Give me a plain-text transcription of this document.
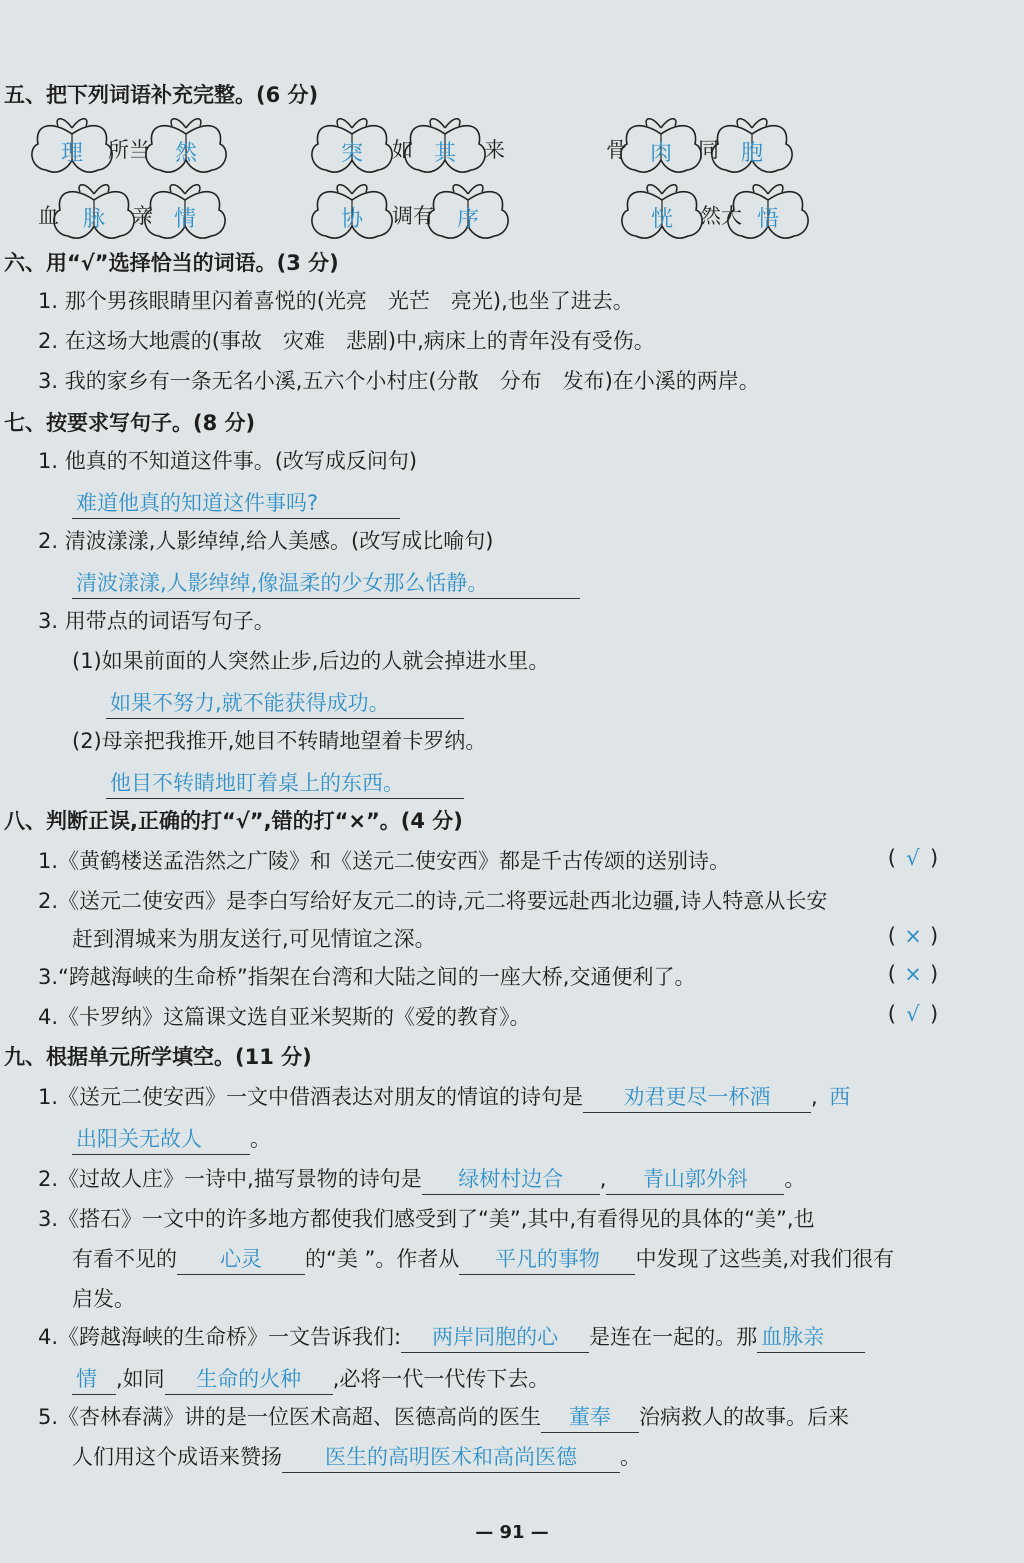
五、把下列词语补充完整。(6 分)
理	所当	然	突	如 其	来	骨	肉	同 胞
血	脉	亲 情	协	调有	序	恍	然大 悟
六、用“√”选择恰当的词语。(3 分)
1. 那个男孩眼睛里闪着喜悦的(光亮　光芒　亮光),也坐了进去。
2. 在这场大地震的(事故　灾难　悲剧)中,病床上的青年没有受伤。
3. 我的家乡有一条无名小溪,五六个小村庄(分散　分布　发布)在小溪的两岸。
七、按要求写句子。(8 分)
1. 他真的不知道这件事。(改写成反问句)
难道他真的知道这件事吗?
2. 清波漾漾,人影绰绰,给人美感。(改写成比喻句)
清波漾漾,人影绰绰,像温柔的少女那么恬静。
3. 用带点的词语写句子。
(1)如果前面的人突然止步,后边的人就会掉进水里。
如果不努力,就不能获得成功。
(2)母亲把我推开,她目不转睛地望着卡罗纳。
他目不转睛地盯着桌上的东西。
八、判断正误,正确的打“√”,错的打“×”。(4 分)
1.《黄鹤楼送孟浩然之广陵》和《送元二使安西》都是千古传颂的送别诗。	( √ )
2.《送元二使安西》是李白写给好友元二的诗,元二将要远赴西北边疆,诗人特意从长安
赶到渭城来为朋友送行,可见情谊之深。	( × )
3.“跨越海峡的生命桥”指架在台湾和大陆之间的一座大桥,交通便利了。	( × )
4.《卡罗纳》这篇课文选自亚米契斯的《爱的教育》。	( √ )
九、根据单元所学填空。(11 分)
1.《送元二使安西》一文中借酒表达对朋友的情谊的诗句是 劝君更尽一杯酒 , 西
出阳关无故人 。
2.《过故人庄》一诗中,描写景物的诗句是 绿树村边合 , 青山郭外斜 。
3.《搭石》一文中的许多地方都使我们感受到了“美”,其中,有看得见的具体的“美”,也
有看不见的 心灵 的“美 ”。作者从 平凡的事物 中发现了这些美,对我们很有
启发。
4.《跨越海峡的生命桥》一文告诉我们: 两岸同胞的心 是连在一起的。那 血脉亲
情 ,如同 生命的火种 ,必将一代一代传下去。
5.《杏林春满》讲的是一位医术高超、医德高尚的医生 董奉 治病救人的故事。后来
人们用这个成语来赞扬 医生的高明医术和高尚医德 。
— 91 —
